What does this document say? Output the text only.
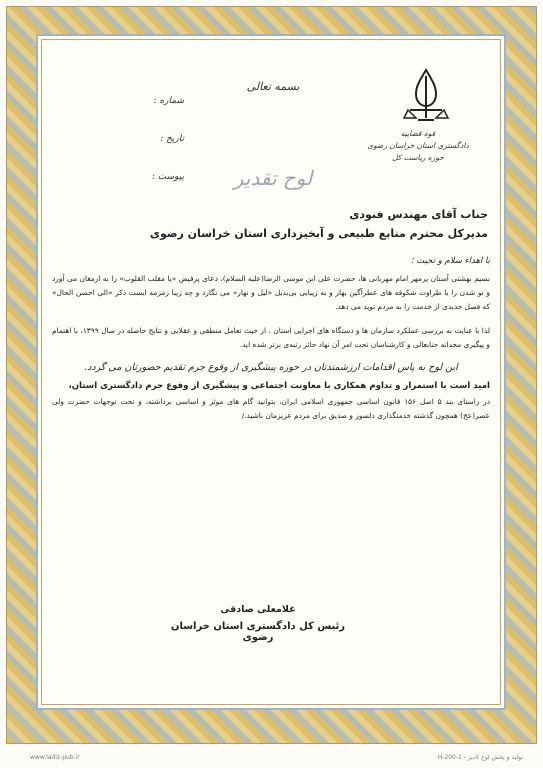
قوه قضاییه
دادگستری استان خراسان رضوی
حوزه ریاست کل
بسمه تعالی
شماره :
تاریخ :
پیوست :	لوح تقدیر
جناب آقای مهندس فنودی
مدیرکل محترم منابع طبیعی و آبخیزداری استان خراسان رضوی
با اهداء سلام و تحیت ؛
نسیم بهشتی آستان پرمهر امام مهربانی ها، حضرت علی ابن موسی الرضا(علیه السلام)، دعای پرفیض «یا مقلب القلوب» را به ارمغان می آورد و نو شدن را با طراوت شکوفه های عطرآگین بهار و به زیبایی بی‌بدیل «لیل و نهار» می نگارد و چه زیبا زمزمه ایست ذکر «الی احسن الحال» که فصل جدیدی از خدمت را به مردم نوید می دهد.
لذا با عنایت به بررسی عملکرد سازمان ها و دستگاه های اجرایی استان ، از حیث تعامل منطقی و عقلایی و نتایج حاصله در سال ۱۳۹۹، با اهتمام و پیگیری مجدانه جنابعالی و کارشناسان تحت امر آن نهاد حائز رتبه‌ی برتر شده اید.
این لوح به پاس اقدامات ارزشمندتان در حوزه پیشگیری از وقوع جرم تقدیم حضورتان می گردد.
امید است با استمرار و تداوم همکاری با معاونت اجتماعی و پیشگیری از وقوع جرم دادگستری استان،
در راستای بند ۵ اصل ۱۵۶ قانون اساسی جمهوری اسلامی ایران، بتوانید گام های موثر و اساسی برداشته، و تحت توجهات حضرت ولی عصر(عج) همچون گذشته خدمتگذاری دلسوز و صدیق برای مردم عزیزمان باشید./
غلامعلی صادقی
رئیس کل دادگستری استان خراسان رضوی
www.ladiz-pub.ir	تولید و پخش لوح لادیز - H-200-1
